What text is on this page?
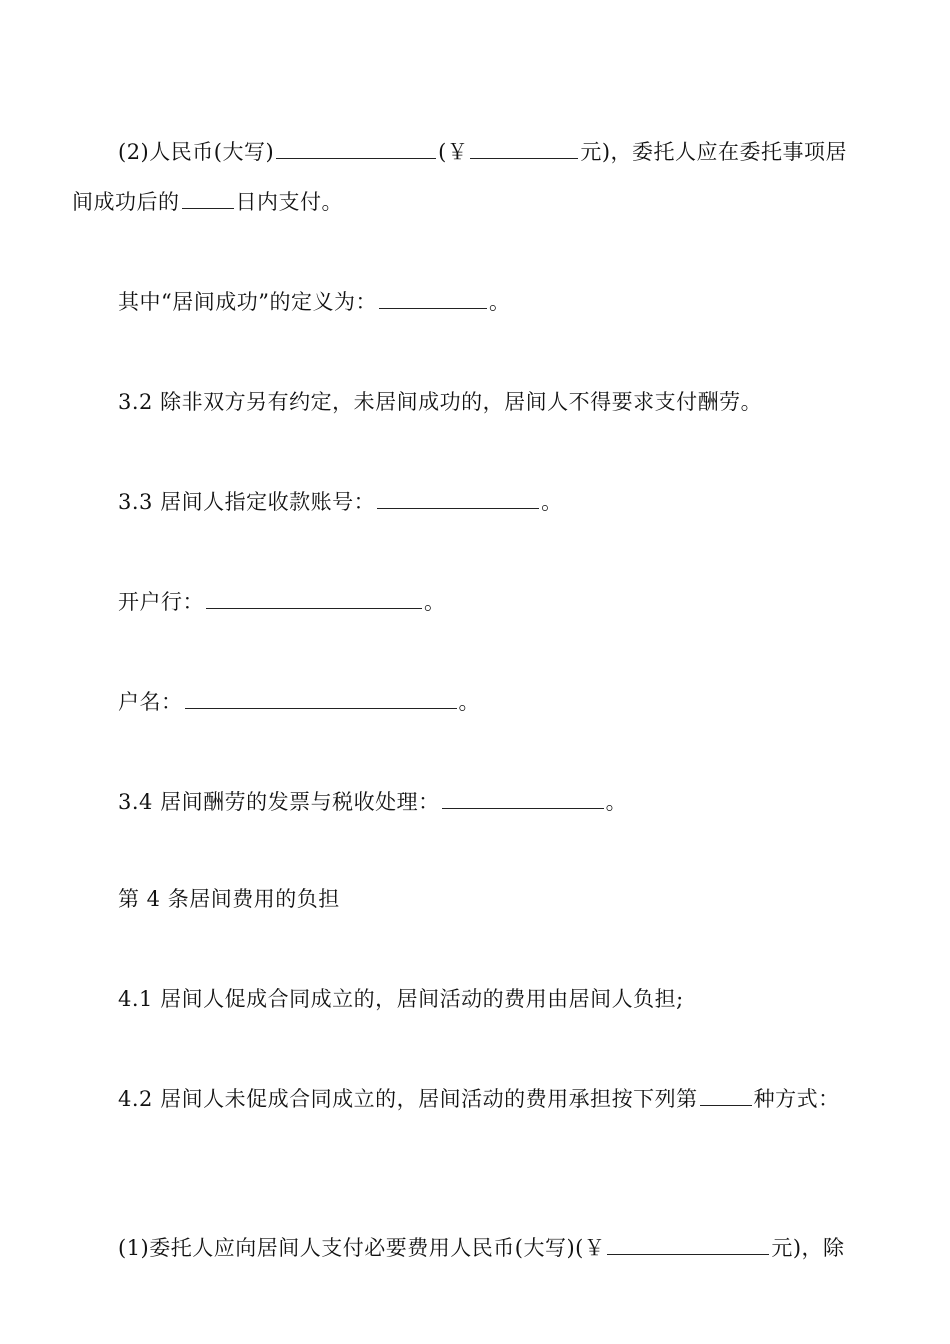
(2)人民币(大写)	(￥	元)，委托人应在委托事项居
间成功后的	日内支付。
其中“居间成功”的定义为：	。
3.2 除非双方另有约定，未居间成功的，居间人不得要求支付酬劳。
3.3 居间人指定收款账号：	。
开户行：	。
户名：	。
3.4 居间酬劳的发票与税收处理：	。
第 4 条居间费用的负担
4.1 居间人促成合同成立的，居间活动的费用由居间人负担;
4.2 居间人未促成合同成立的，居间活动的费用承担按下列第	种方式：
(1)委托人应向居间人支付必要费用人民币(大写)(￥	元)，除
